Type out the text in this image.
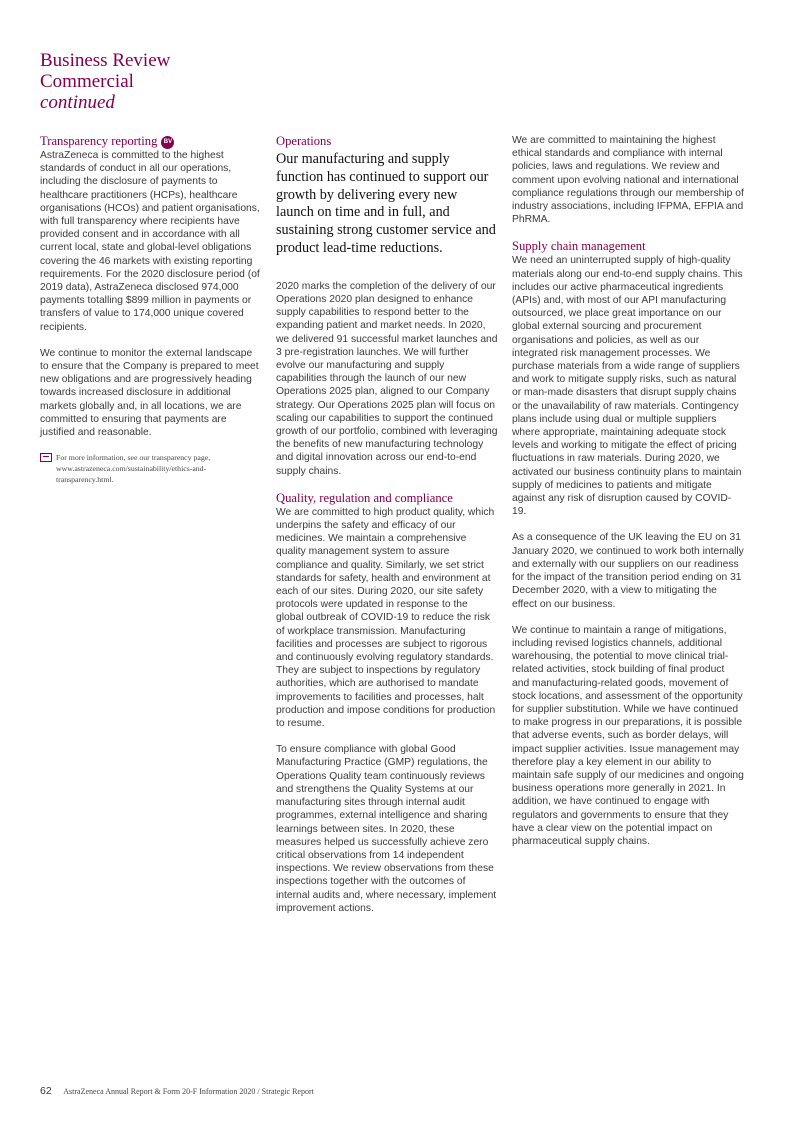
Business Review
Commercial
continued
Transparency reporting BV

AstraZeneca is committed to the highest standards of conduct in all our operations, including the disclosure of payments to healthcare practitioners (HCPs), healthcare organisations (HCOs) and patient organisations, with full transparency where recipients have provided consent and in accordance with all current local, state and global-level obligations covering the 46 markets with existing reporting requirements. For the 2020 disclosure period (of 2019 data), AstraZeneca disclosed 974,000 payments totalling $899 million in payments or transfers of value to 174,000 unique covered recipients.

We continue to monitor the external landscape to ensure that the Company is prepared to meet new obligations and are progressively heading towards increased disclosure in additional markets globally and, in all locations, we are committed to ensuring that payments are justified and reasonable.

For more information, see our transparency page, www.astrazeneca.com/sustainability/ethics-and-transparency.html.
Operations
Our manufacturing and supply function has continued to support our growth by delivering every new launch on time and in full, and sustaining strong customer service and product lead-time reductions.

2020 marks the completion of the delivery of our Operations 2020 plan designed to enhance supply capabilities to respond better to the expanding patient and market needs. In 2020, we delivered 91 successful market launches and 3 pre-registration launches. We will further evolve our manufacturing and supply capabilities through the launch of our new Operations 2025 plan, aligned to our Company strategy. Our Operations 2025 plan will focus on scaling our capabilities to support the continued growth of our portfolio, combined with leveraging the benefits of new manufacturing technology and digital innovation across our end-to-end supply chains.

Quality, regulation and compliance

We are committed to high product quality, which underpins the safety and efficacy of our medicines. We maintain a comprehensive quality management system to assure compliance and quality. Similarly, we set strict standards for safety, health and environment at each of our sites. During 2020, our site safety protocols were updated in response to the global outbreak of COVID-19 to reduce the risk of workplace transmission. Manufacturing facilities and processes are subject to rigorous and continuously evolving regulatory standards. They are subject to inspections by regulatory authorities, which are authorised to mandate improvements to facilities and processes, halt production and impose conditions for production to resume.

To ensure compliance with global Good Manufacturing Practice (GMP) regulations, the Operations Quality team continuously reviews and strengthens the Quality Systems at our manufacturing sites through internal audit programmes, external intelligence and sharing learnings between sites. In 2020, these measures helped us successfully achieve zero critical observations from 14 independent inspections. We review observations from these inspections together with the outcomes of internal audits and, where necessary, implement improvement actions.

We are committed to maintaining the highest ethical standards and compliance with internal policies, laws and regulations. We review and comment upon evolving national and international compliance regulations through our membership of industry associations, including IFPMA, EFPIA and PhRMA.

Supply chain management

We need an uninterrupted supply of high-quality materials along our end-to-end supply chains. This includes our active pharmaceutical ingredients (APIs) and, with most of our API manufacturing outsourced, we place great importance on our global external sourcing and procurement organisations and policies, as well as our integrated risk management processes. We purchase materials from a wide range of suppliers and work to mitigate supply risks, such as natural or man-made disasters that disrupt supply chains or the unavailability of raw materials. Contingency plans include using dual or multiple suppliers where appropriate, maintaining adequate stock levels and working to mitigate the effect of pricing fluctuations in raw materials. During 2020, we activated our business continuity plans to maintain supply of medicines to patients and mitigate against any risk of disruption caused by COVID-19.

As a consequence of the UK leaving the EU on 31 January 2020, we continued to work both internally and externally with our suppliers on our readiness for the impact of the transition period ending on 31 December 2020, with a view to mitigating the effect on our business.

We continue to maintain a range of mitigations, including revised logistics channels, additional warehousing, the potential to move clinical trial-related activities, stock building of final product and manufacturing-related goods, movement of stock locations, and assessment of the opportunity for supplier substitution. While we have continued to make progress in our preparations, it is possible that adverse events, such as border delays, will impact supplier activities. Issue management may therefore play a key element in our ability to maintain safe supply of our medicines and ongoing business operations more generally in 2021. In addition, we have continued to engage with regulators and governments to ensure that they have a clear view on the potential impact on pharmaceutical supply chains.

62 AstraZeneca Annual Report & Form 20-F Information 2020 / Strategic Report
